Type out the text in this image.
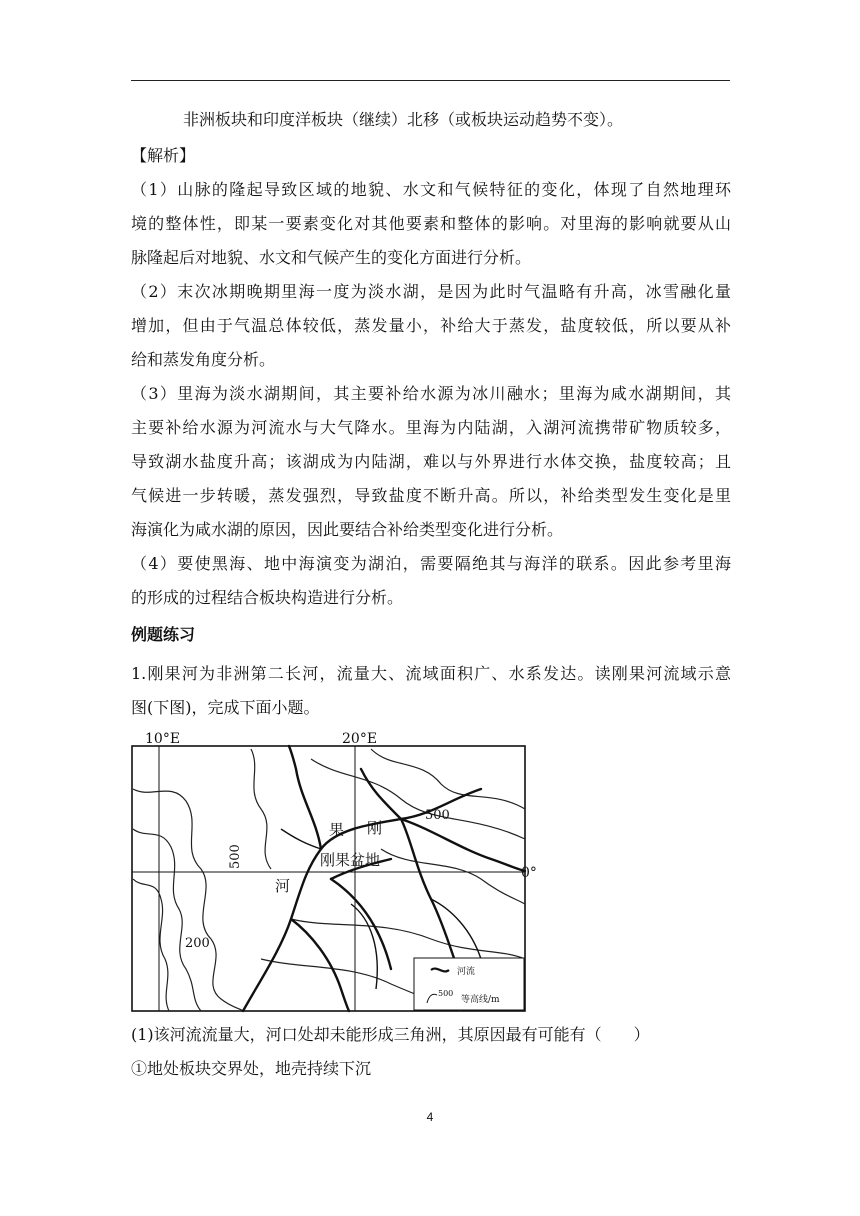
非洲板块和印度洋板块（继续）北移（或板块运动趋势不变）。
【解析】
（1）山脉的隆起导致区域的地貌、水文和气候特征的变化，体现了自然地理环
境的整体性，即某一要素变化对其他要素和整体的影响。对里海的影响就要从山
脉隆起后对地貌、水文和气候产生的变化方面进行分析。
（2）末次冰期晚期里海一度为淡水湖，是因为此时气温略有升高，冰雪融化量
增加，但由于气温总体较低，蒸发量小，补给大于蒸发，盐度较低，所以要从补
给和蒸发角度分析。
（3）里海为淡水湖期间，其主要补给水源为冰川融水；里海为咸水湖期间，其
主要补给水源为河流水与大气降水。里海为内陆湖，入湖河流携带矿物质较多，
导致湖水盐度升高；该湖成为内陆湖，难以与外界进行水体交换，盐度较高；且
气候进一步转暖，蒸发强烈，导致盐度不断升高。所以，补给类型发生变化是里
海演化为咸水湖的原因，因此要结合补给类型变化进行分析。
（4）要使黑海、地中海演变为湖泊，需要隔绝其与海洋的联系。因此参考里海
的形成的过程结合板块构造进行分析。
例题练习
1.刚果河为非洲第二长河，流量大、流域面积广、水系发达。读刚果河流域示意
图(下图)，完成下面小题。
10°E	20°E
0°
500
500
200
果 刚
刚果盆地
河
河流
500
等高线/m
(1)该河流流量大，河口处却未能形成三角洲，其原因最有可能有（　　）
①地处板块交界处，地壳持续下沉
4
